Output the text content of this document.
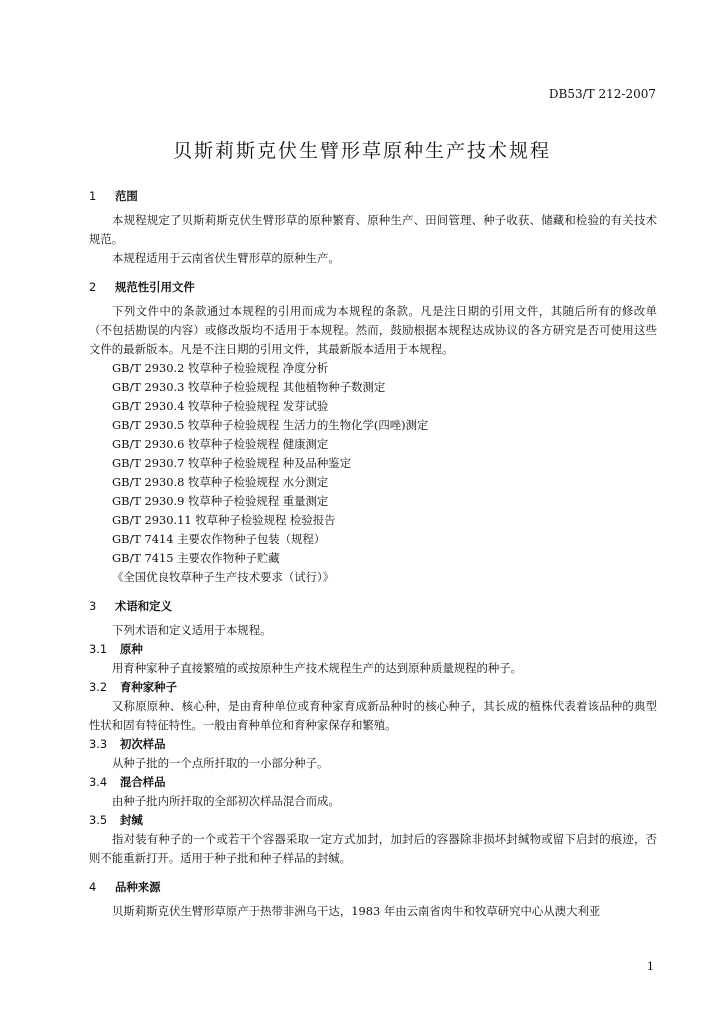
DB53/T 212-2007
贝斯莉斯克伏生臂形草原种生产技术规程
1 范围

本规程规定了贝斯莉斯克伏生臂形草的原种繁育、原种生产、田间管理、种子收获、储藏和检验的有关技术规范。

本规程适用于云南省伏生臂形草的原种生产。

2 规范性引用文件

下列文件中的条款通过本规程的引用而成为本规程的条款。凡是注日期的引用文件，其随后所有的修改单（不包括勘误的内容）或修改版均不适用于本规程。然而，鼓励根据本规程达成协议的各方研究是否可使用这些文件的最新版本。凡是不注日期的引用文件，其最新版本适用于本规程。

GB/T 2930.2 牧草种子检验规程 净度分析

GB/T 2930.3 牧草种子检验规程 其他植物种子数测定

GB/T 2930.4 牧草种子检验规程 发芽试验

GB/T 2930.5 牧草种子检验规程 生活力的生物化学(四唑)测定

GB/T 2930.6 牧草种子检验规程 健康测定

GB/T 2930.7 牧草种子检验规程 种及品种鉴定

GB/T 2930.8 牧草种子检验规程 水分测定

GB/T 2930.9 牧草种子检验规程 重量测定

GB/T 2930.11 牧草种子检验规程 检验报告

GB/T 7414 主要农作物种子包装（规程）

GB/T 7415 主要农作物种子贮藏

《全国优良牧草种子生产技术要求（试行）》

3 术语和定义

下列术语和定义适用于本规程。

3.1 原种

用育种家种子直接繁殖的或按原种生产技术规程生产的达到原种质量规程的种子。

3.2 育种家种子

又称原原种、核心种，是由育种单位或育种家育成新品种时的核心种子，其长成的植株代表着该品种的典型性状和固有特征特性。一般由育种单位和育种家保存和繁殖。

3.3 初次样品

从种子批的一个点所扦取的一小部分种子。

3.4 混合样品

由种子批内所扦取的全部初次样品混合而成。

3.5 封缄

指对装有种子的一个或若干个容器采取一定方式加封，加封后的容器除非损坏封缄物或留下启封的痕迹，否则不能重新打开。适用于种子批和种子样品的封缄。

4 品种来源

贝斯莉斯克伏生臂形草原产于热带非洲乌干达，1983 年由云南省肉牛和牧草研究中心从澳大利亚

1
